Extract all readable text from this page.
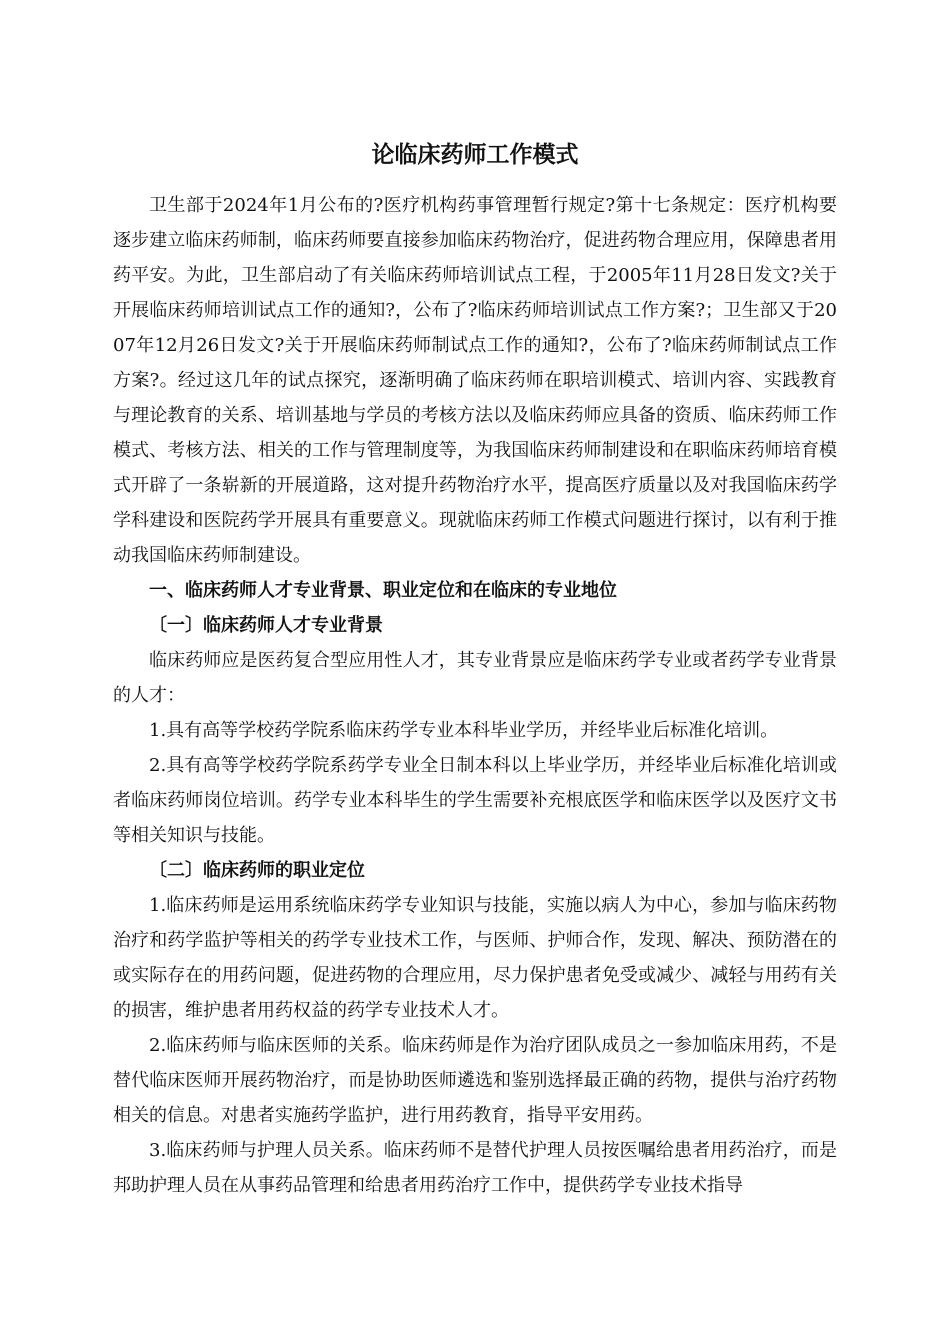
论临床药师工作模式

卫生部于2024年1月公布的?医疗机构药事管理暂行规定?第十七条规定：医疗机构要逐步建立临床药师制，临床药师要直接参加临床药物治疗，促进药物合理应用，保障患者用药平安。为此，卫生部启动了有关临床药师培训试点工程，于2005年11月28日发文?关于开展临床药师培训试点工作的通知?，公布了?临床药师培训试点工作方案?；卫生部又于2007年12月26日发文?关于开展临床药师制试点工作的通知?，公布了?临床药师制试点工作方案?。经过这几年的试点探究，逐渐明确了临床药师在职培训模式、培训内容、实践教育与理论教育的关系、培训基地与学员的考核方法以及临床药师应具备的资质、临床药师工作模式、考核方法、相关的工作与管理制度等，为我国临床药师制建设和在职临床药师培育模式开辟了一条崭新的开展道路，这对提升药物治疗水平，提高医疗质量以及对我国临床药学学科建设和医院药学开展具有重要意义。现就临床药师工作模式问题进行探讨，以有利于推动我国临床药师制建设。

一、临床药师人才专业背景、职业定位和在临床的专业地位

〔一〕临床药师人才专业背景

临床药师应是医药复合型应用性人才，其专业背景应是临床药学专业或者药学专业背景的人才：

1.具有高等学校药学院系临床药学专业本科毕业学历，并经毕业后标准化培训。

2.具有高等学校药学院系药学专业全日制本科以上毕业学历，并经毕业后标准化培训或者临床药师岗位培训。药学专业本科毕生的学生需要补充根底医学和临床医学以及医疗文书等相关知识与技能。

〔二〕临床药师的职业定位

1.临床药师是运用系统临床药学专业知识与技能，实施以病人为中心，参加与临床药物治疗和药学监护等相关的药学专业技术工作，与医师、护师合作，发现、解决、预防潜在的或实际存在的用药问题，促进药物的合理应用，尽力保护患者免受或减少、减轻与用药有关的损害，维护患者用药权益的药学专业技术人才。

2.临床药师与临床医师的关系。临床药师是作为治疗团队成员之一参加临床用药，不是替代临床医师开展药物治疗，而是协助医师遴选和鉴别选择最正确的药物，提供与治疗药物相关的信息。对患者实施药学监护，进行用药教育，指导平安用药。

3.临床药师与护理人员关系。临床药师不是替代护理人员按医嘱给患者用药治疗，而是邦助护理人员在从事药品管理和给患者用药治疗工作中，提供药学专业技术指导
